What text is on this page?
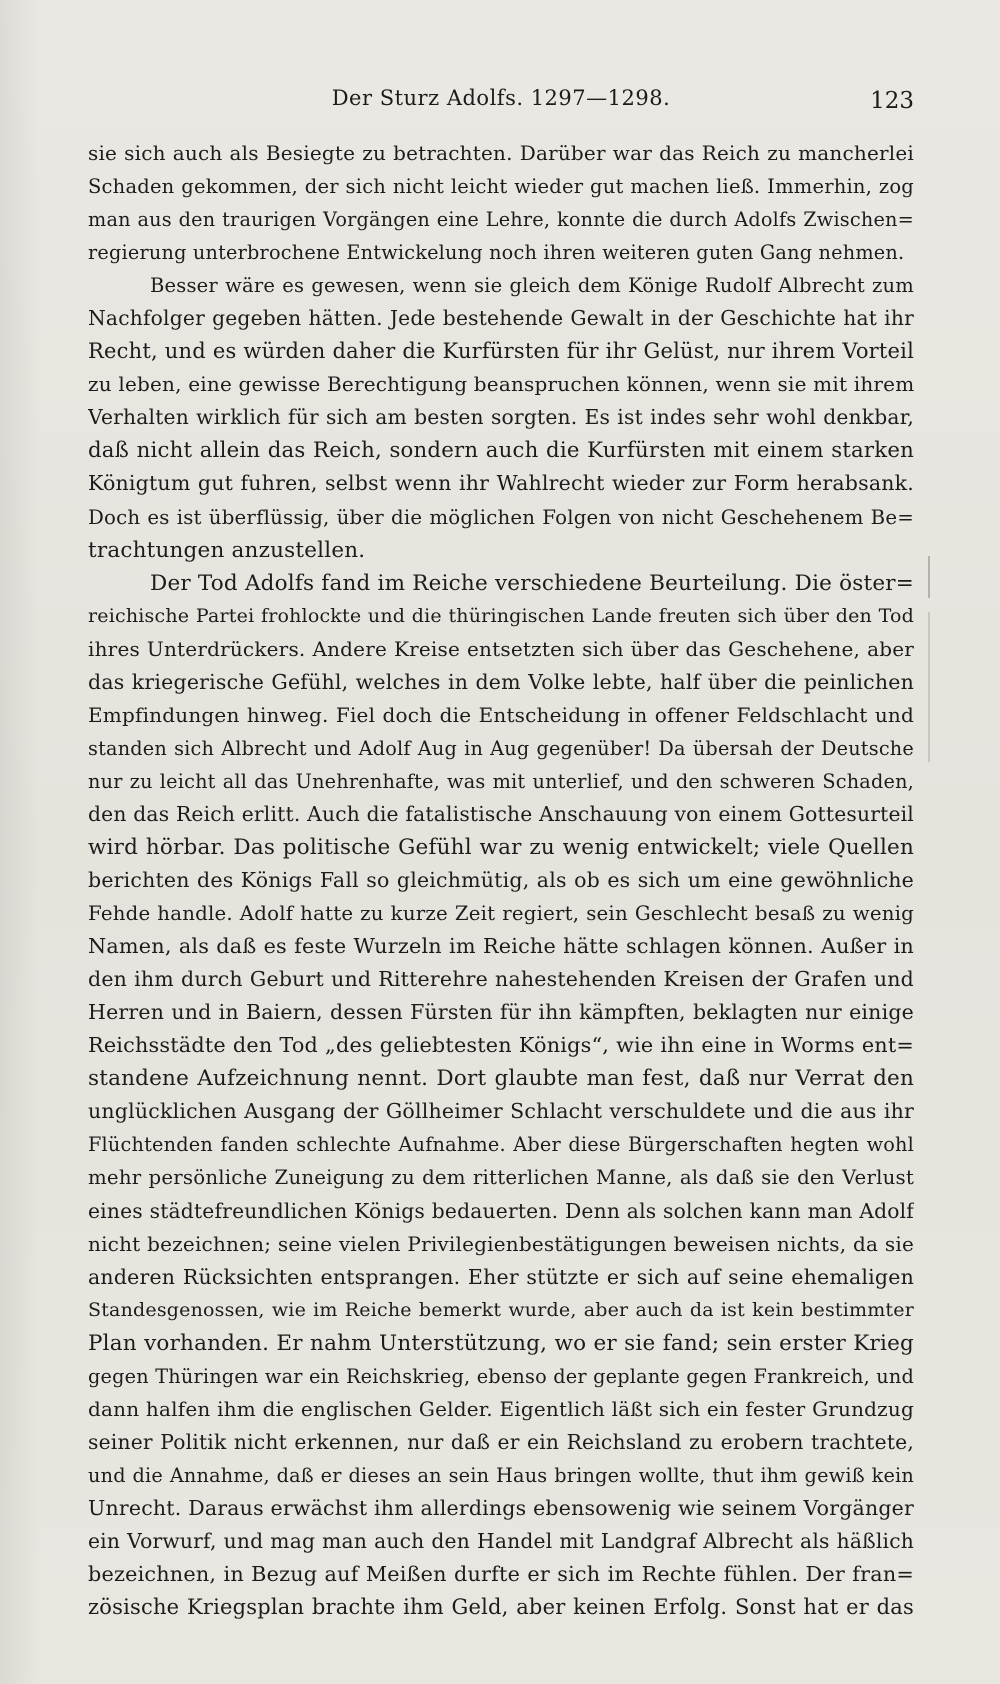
Der Sturz Adolfs. 1297—1298.	123
sie sich auch als Besiegte zu betrachten. Darüber war das Reich zu mancherlei
Schaden gekommen, der sich nicht leicht wieder gut machen ließ. Immerhin, zog
man aus den traurigen Vorgängen eine Lehre, konnte die durch Adolfs Zwischen=
regierung unterbrochene Entwickelung noch ihren weiteren guten Gang nehmen.
Besser wäre es gewesen, wenn sie gleich dem Könige Rudolf Albrecht zum
Nachfolger gegeben hätten. Jede bestehende Gewalt in der Geschichte hat ihr
Recht, und es würden daher die Kurfürsten für ihr Gelüst, nur ihrem Vorteil
zu leben, eine gewisse Berechtigung beanspruchen können, wenn sie mit ihrem
Verhalten wirklich für sich am besten sorgten. Es ist indes sehr wohl denkbar,
daß nicht allein das Reich, sondern auch die Kurfürsten mit einem starken
Königtum gut fuhren, selbst wenn ihr Wahlrecht wieder zur Form herabsank.
Doch es ist überflüssig, über die möglichen Folgen von nicht Geschehenem Be=
trachtungen anzustellen.
Der Tod Adolfs fand im Reiche verschiedene Beurteilung. Die öster=
reichische Partei frohlockte und die thüringischen Lande freuten sich über den Tod
ihres Unterdrückers. Andere Kreise entsetzten sich über das Geschehene, aber
das kriegerische Gefühl, welches in dem Volke lebte, half über die peinlichen
Empfindungen hinweg. Fiel doch die Entscheidung in offener Feldschlacht und
standen sich Albrecht und Adolf Aug in Aug gegenüber! Da übersah der Deutsche
nur zu leicht all das Unehrenhafte, was mit unterlief, und den schweren Schaden,
den das Reich erlitt. Auch die fatalistische Anschauung von einem Gottesurteil
wird hörbar. Das politische Gefühl war zu wenig entwickelt; viele Quellen
berichten des Königs Fall so gleichmütig, als ob es sich um eine gewöhnliche
Fehde handle. Adolf hatte zu kurze Zeit regiert, sein Geschlecht besaß zu wenig
Namen, als daß es feste Wurzeln im Reiche hätte schlagen können. Außer in
den ihm durch Geburt und Ritterehre nahestehenden Kreisen der Grafen und
Herren und in Baiern, dessen Fürsten für ihn kämpften, beklagten nur einige
Reichsstädte den Tod „des geliebtesten Königs“, wie ihn eine in Worms ent=
standene Aufzeichnung nennt. Dort glaubte man fest, daß nur Verrat den
unglücklichen Ausgang der Göllheimer Schlacht verschuldete und die aus ihr
Flüchtenden fanden schlechte Aufnahme. Aber diese Bürgerschaften hegten wohl
mehr persönliche Zuneigung zu dem ritterlichen Manne, als daß sie den Verlust
eines städtefreundlichen Königs bedauerten. Denn als solchen kann man Adolf
nicht bezeichnen; seine vielen Privilegienbestätigungen beweisen nichts, da sie
anderen Rücksichten entsprangen. Eher stützte er sich auf seine ehemaligen
Standesgenossen, wie im Reiche bemerkt wurde, aber auch da ist kein bestimmter
Plan vorhanden. Er nahm Unterstützung, wo er sie fand; sein erster Krieg
gegen Thüringen war ein Reichskrieg, ebenso der geplante gegen Frankreich, und
dann halfen ihm die englischen Gelder. Eigentlich läßt sich ein fester Grundzug
seiner Politik nicht erkennen, nur daß er ein Reichsland zu erobern trachtete,
und die Annahme, daß er dieses an sein Haus bringen wollte, thut ihm gewiß kein
Unrecht. Daraus erwächst ihm allerdings ebensowenig wie seinem Vorgänger
ein Vorwurf, und mag man auch den Handel mit Landgraf Albrecht als häßlich
bezeichnen, in Bezug auf Meißen durfte er sich im Rechte fühlen. Der fran=
zösische Kriegsplan brachte ihm Geld, aber keinen Erfolg. Sonst hat er das
